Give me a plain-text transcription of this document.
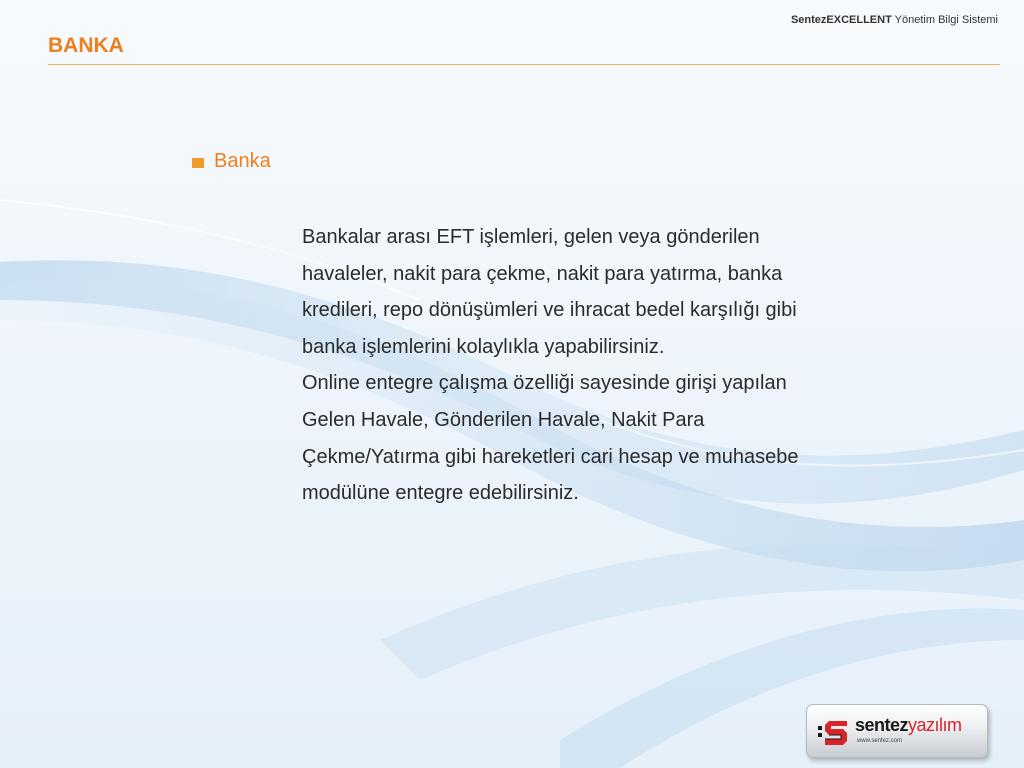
SentezEXCELLENT Yönetim Bilgi Sistemi
BANKA
Banka

Bankalar arası EFT işlemleri, gelen veya gönderilen havaleler, nakit para çekme, nakit para yatırma, banka kredileri, repo dönüşümleri ve ihracat bedel karşılığı gibi banka işlemlerini kolaylıkla yapabilirsiniz.

Online entegre çalışma özelliği sayesinde girişi yapılan Gelen Havale, Gönderilen Havale, Nakit Para Çekme/Yatırma gibi hareketleri cari hesap ve muhasebe modülüne entegre edebilirsiniz.

sentezyazılım
www.sentez.com
